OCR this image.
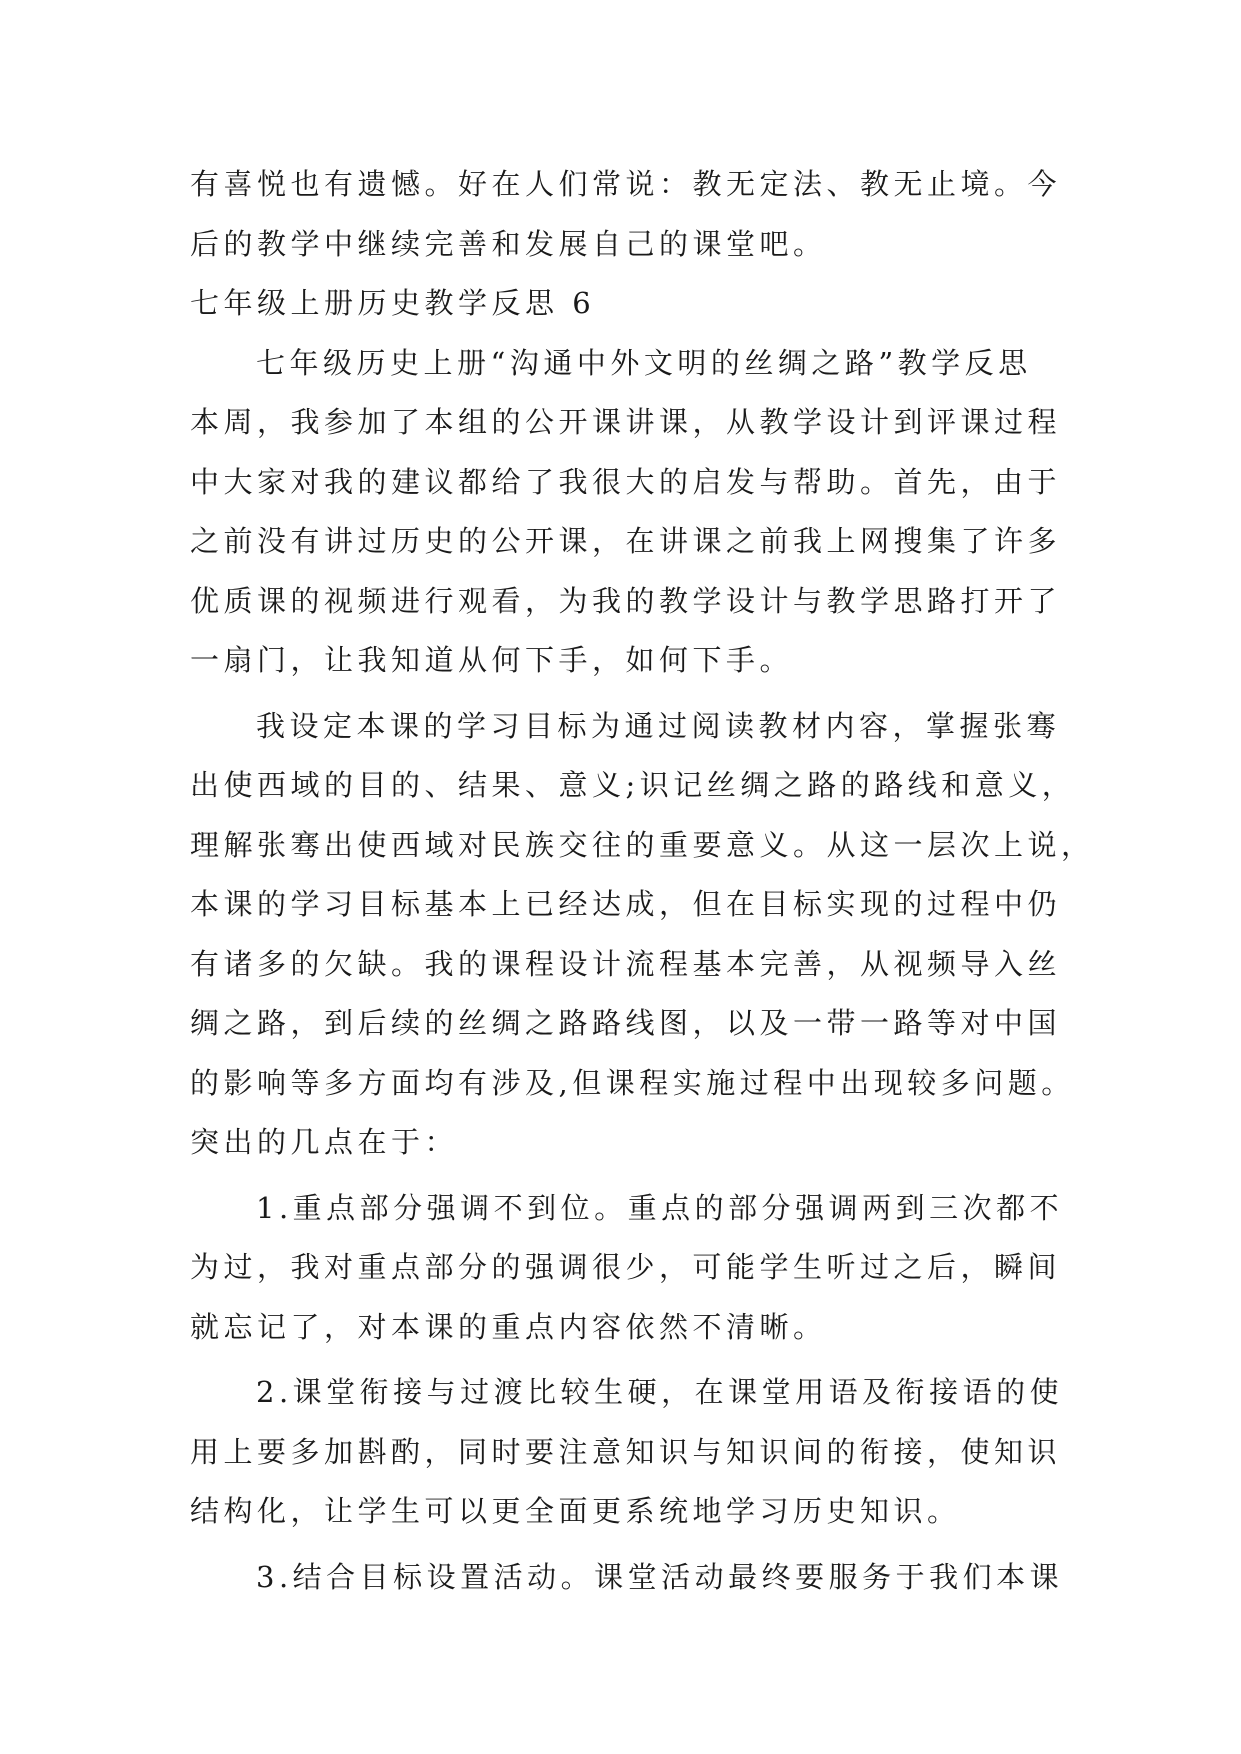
有喜悦也有遗憾。好在人们常说：教无定法、教无止境。今
后的教学中继续完善和发展自己的课堂吧。
七年级上册历史教学反思 6
七年级历史上册“沟通中外文明的丝绸之路”教学反思
本周，我参加了本组的公开课讲课，从教学设计到评课过程
中大家对我的建议都给了我很大的启发与帮助。首先，由于
之前没有讲过历史的公开课，在讲课之前我上网搜集了许多
优质课的视频进行观看，为我的教学设计与教学思路打开了
一扇门，让我知道从何下手，如何下手。
我设定本课的学习目标为通过阅读教材内容，掌握张骞
出使西域的目的、结果、意义;识记丝绸之路的路线和意义，
理解张骞出使西域对民族交往的重要意义。从这一层次上说，
本课的学习目标基本上已经达成，但在目标实现的过程中仍
有诸多的欠缺。我的课程设计流程基本完善，从视频导入丝
绸之路，到后续的丝绸之路路线图，以及一带一路等对中国
的影响等多方面均有涉及,但课程实施过程中出现较多问题。
突出的几点在于：
1.重点部分强调不到位。重点的部分强调两到三次都不
为过，我对重点部分的强调很少，可能学生听过之后，瞬间
就忘记了，对本课的重点内容依然不清晰。
2.课堂衔接与过渡比较生硬，在课堂用语及衔接语的使
用上要多加斟酌，同时要注意知识与知识间的衔接，使知识
结构化，让学生可以更全面更系统地学习历史知识。
3.结合目标设置活动。课堂活动最终要服务于我们本课
